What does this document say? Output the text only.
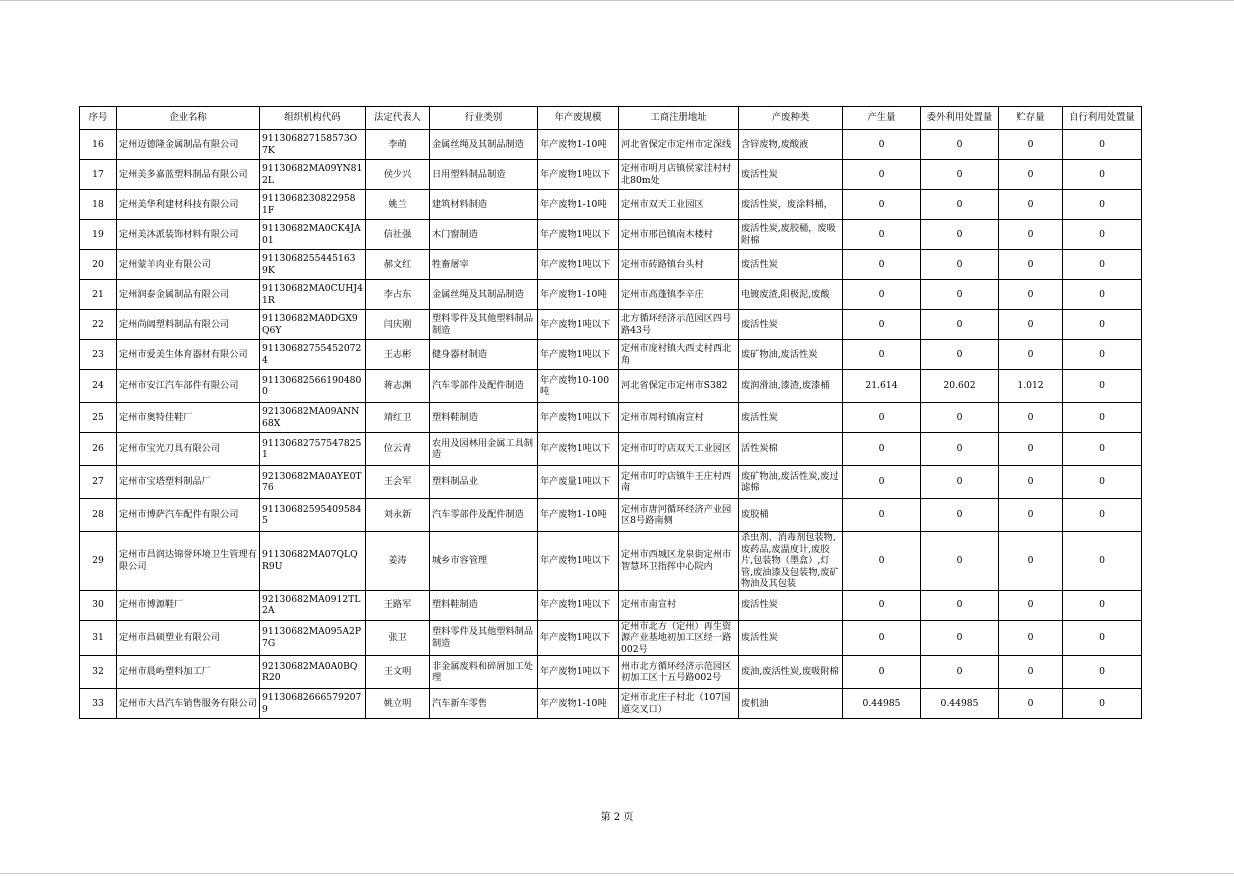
序号	企业名称	组织机构代码	法定代表人	行业类别	年产废规模	工商注册地址	产废种类	产生量	委外利用处置量	贮存量	自行利用处置量
16	定州迈德隆金属制品有限公司	911306827158573O7K	李萌	金属丝绳及其制品制造	年产废物1-10吨	河北省保定市定州市定深线	含锌废物,废酸液	0	0	0	0
17	定州美多嘉蓝塑料制品有限公司	91130682MA09YN812L	侯少兴	日用塑料制品制造	年产废物1吨以下	定州市明月店镇侯家洼村村北80m处	废活性炭	0	0	0	0
18	定州美华利建材科技有限公司	9113068230822958 1F	姚兰	建筑材料制造	年产废物1-10吨	定州市双天工业园区	废活性炭，废涂料桶，	0	0	0	0
19	定州美沐派装饰材料有限公司	91130682MA0CK4JA01	信社强	木门窗制造	年产废物1吨以下	定州市邢邑镇南木楼村	废活性炭,废胶桶，废吸附棉	0	0	0	0
20	定州蒙羊肉业有限公司	9113068255445163 9K	郝文红	牲畜屠宰	年产废物1吨以下	定州市砖路镇台头村	废活性炭	0	0	0	0
21	定州润泰金属制品有限公司	91130682MA0CUHJ41R	李占东	金属丝绳及其制品制造	年产废物1-10吨	定州市高蓬镇李辛庄	电镀废渣,阳极泥,废酸	0	0	0	0
22	定州尚阔塑料制品有限公司	91130682MA0DGX9Q6Y	闫庆刚	塑料零件及其他塑料制品制造	年产废物1吨以下	北方循环经济示范园区四号路43号	废活性炭	0	0	0	0
23	定州市爱美生体育器材有限公司	911306827554520724	王志彬	健身器材制造	年产废物1吨以下	定州市庞村镇大西丈村西北角	废矿物油,废活性炭	0	0	0	0
24	定州市安江汽车部件有限公司	911306825661904800	蒋志渊	汽车零部件及配件制造	年产废物10-100吨	河北省保定市定州市S382	废润滑油,漆渣,废漆桶	21.614	20.602	1.012	0
25	定州市奥特佳鞋厂	92130682MA09ANN68X	靖红卫	塑料鞋制造	年产废物1吨以下	定州市周村镇南宣村	废活性炭	0	0	0	0
26	定州市宝光刀具有限公司	911306827575478251	位云青	农用及园林用金属工具制造	年产废物1吨以下	定州市叮咛店双天工业园区	活性炭棉	0	0	0	0
27	定州市宝塔塑料制品厂	92130682MA0AYE0T76	王会军	塑料制品业	年产废量1吨以下	定州市叮咛店镇牛王庄村西南	废矿物油,废活性炭,废过滤棉	0	0	0	0
28	定州市博萨汽车配件有限公司	911306825954095845	刘永新	汽车零部件及配件制造	年产废物1-10吨	定州市唐河循环经济产业园区8号路南侧	废胶桶	0	0	0	0
29	定州市昌润达锦誉环境卫生管理有限公司	91130682MA07QLQR9U	姜涛	城乡市容管理	年产废物1吨以下	定州市西城区龙泉街定州市智慧环卫指挥中心院内	杀虫剂、消毒剂包装物,废药品,废温度计,废胶片,包装物（墨盒）,灯管,废油漆及包装物,废矿物油及其包装	0	0	0	0
30	定州市博源鞋厂	92130682MA0912TL2A	王路军	塑料鞋制造	年产废物1吨以下	定州市南宣村	废活性炭	0	0	0	0
31	定州市昌硕塑业有限公司	91130682MA095A2P7G	张卫	塑料零件及其他塑料制品制造	年产废物1吨以下	定州市北方（定州）再生资源产业基地初加工区经一路002号	废活性炭	0	0	0	0
32	定州市晨屿塑料加工厂	92130682MA0A0BQR20	王文明	非金属废料和碎屑加工处理	年产废物1吨以下	州市北方循环经济示范园区初加工区十五号路002号	废油,废活性炭,废吸附棉	0	0	0	0
33	定州市大昌汽车销售服务有限公司	911306826665792079	姚立明	汽车新车零售	年产废物1-10吨	定州市北庄子村北（107国道交叉口）	废机油	0.44985	0.44985	0	0
第 2 页
